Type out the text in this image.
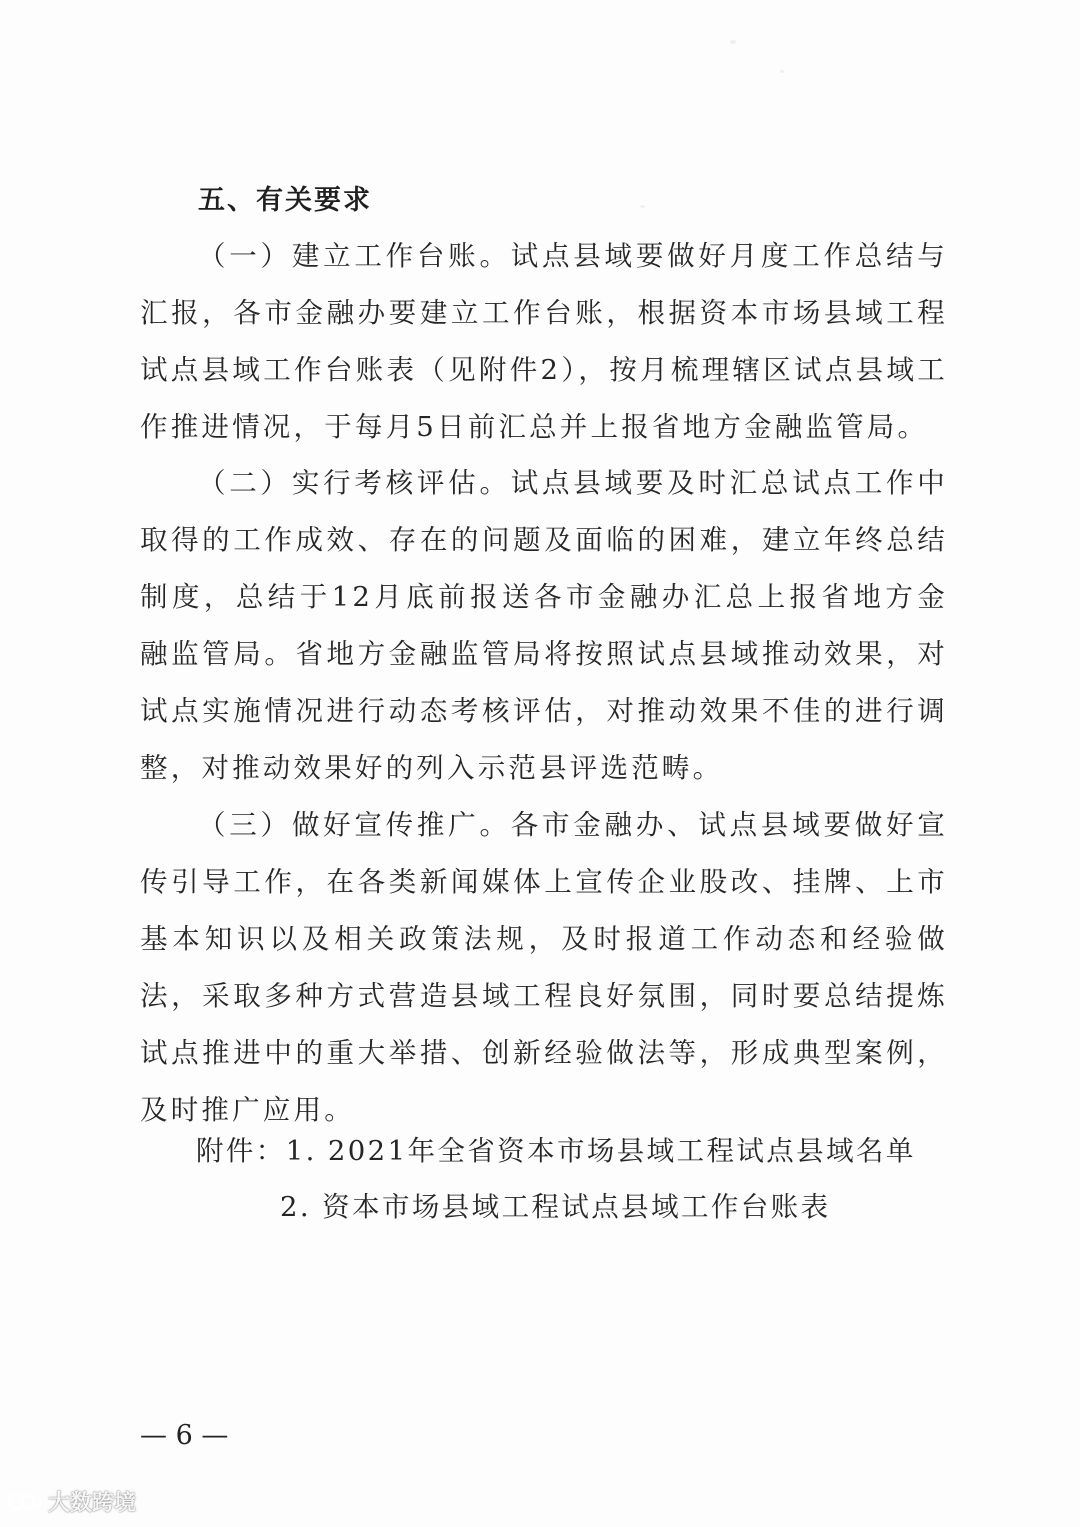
五、有关要求

（一）建立工作台账。试点县域要做好月度工作总结与汇报，各市金融办要建立工作台账，根据资本市场县域工程试点县域工作台账表（见附件2），按月梳理辖区试点县域工作推进情况，于每月5日前汇总并上报省地方金融监管局。

（二）实行考核评估。试点县域要及时汇总试点工作中取得的工作成效、存在的问题及面临的困难，建立年终总结制度，总结于12月底前报送各市金融办汇总上报省地方金融监管局。省地方金融监管局将按照试点县域推动效果，对试点实施情况进行动态考核评估，对推动效果不佳的进行调整，对推动效果好的列入示范县评选范畴。

（三）做好宣传推广。各市金融办、试点县域要做好宣传引导工作，在各类新闻媒体上宣传企业股改、挂牌、上市基本知识以及相关政策法规，及时报道工作动态和经验做法，采取多种方式营造县域工程良好氛围，同时要总结提炼试点推进中的重大举措、创新经验做法等，形成典型案例，及时推广应用。

附件：1. 2021年全省资本市场县域工程试点县域名单
2. 资本市场县域工程试点县域工作台账表
— 6 —
大数跨境
